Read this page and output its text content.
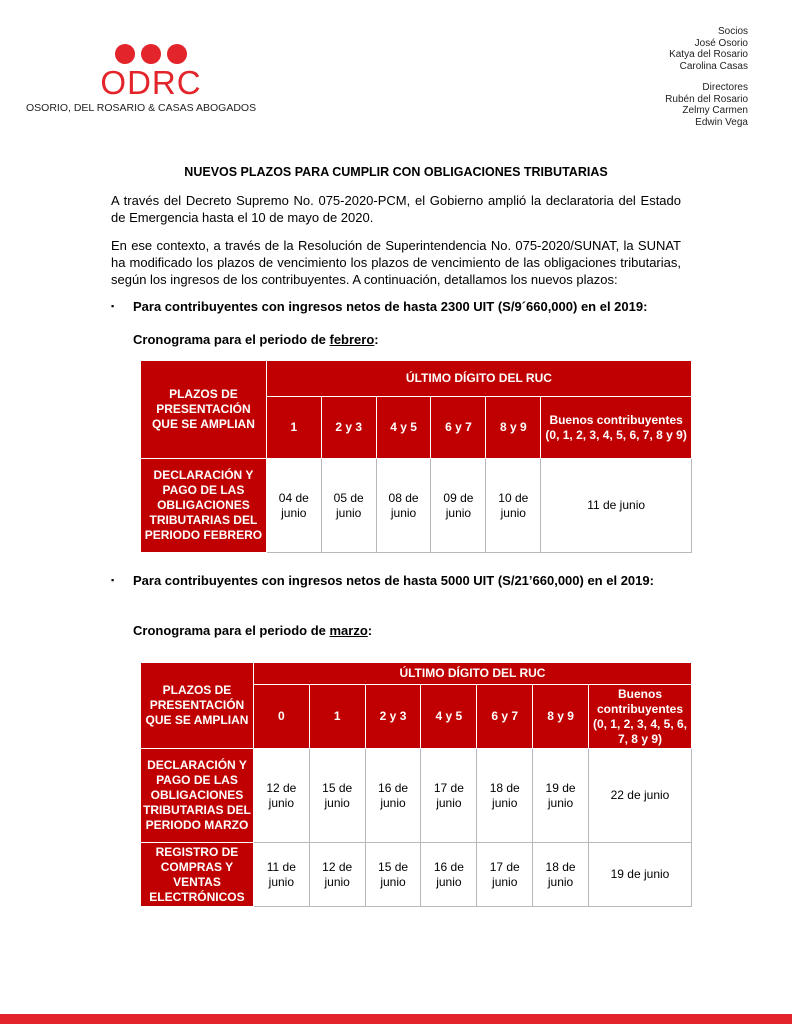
ODRC
OSORIO, DEL ROSARIO & CASAS ABOGADOS
Socios
José Osorio
Katya del Rosario
Carolina Casas
Directores
Rubén del Rosario
Zelmy Carmen
Edwin Vega
NUEVOS PLAZOS PARA CUMPLIR CON OBLIGACIONES TRIBUTARIAS
A través del Decreto Supremo No. 075-2020-PCM, el Gobierno amplió la declaratoria del Estado de Emergencia hasta el 10 de mayo de 2020.
En ese contexto, a través de la Resolución de Superintendencia No. 075-2020/SUNAT, la SUNAT ha modificado los plazos de vencimiento los plazos de vencimiento de las obligaciones tributarias, según los ingresos de los contribuyentes. A continuación, detallamos los nuevos plazos:
▪ Para contribuyentes con ingresos netos de hasta 2300 UIT (S/9´660,000) en el 2019:
Cronograma para el periodo de febrero:
PLAZOS DE PRESENTACIÓN QUE SE AMPLIAN	ÚLTIMO DÍGITO DEL RUC					
	1	2 y 3	4 y 5	6 y 7	8 y 9	Buenos contribuyentes (0, 1, 2, 3, 4, 5, 6, 7, 8 y 9)
DECLARACIÓN Y PAGO DE LAS OBLIGACIONES TRIBUTARIAS DEL PERIODO FEBRERO	04 de junio	05 de junio	08 de junio	09 de junio	10 de junio	11 de junio
▪ Para contribuyentes con ingresos netos de hasta 5000 UIT (S/21’660,000) en el 2019:
Cronograma para el periodo de marzo:
PLAZOS DE PRESENTACIÓN QUE SE AMPLIAN	ÚLTIMO DÍGITO DEL RUC						
	0	1	2 y 3	4 y 5	6 y 7	8 y 9	Buenos contribuyentes (0, 1, 2, 3, 4, 5, 6, 7, 8 y 9)
DECLARACIÓN Y PAGO DE LAS OBLIGACIONES TRIBUTARIAS DEL PERIODO MARZO	12 de junio	15 de junio	16 de junio	17 de junio	18 de junio	19 de junio	22 de junio
REGISTRO DE COMPRAS Y VENTAS ELECTRÓNICOS	11 de junio	12 de junio	15 de junio	16 de junio	17 de junio	18 de junio	19 de junio
